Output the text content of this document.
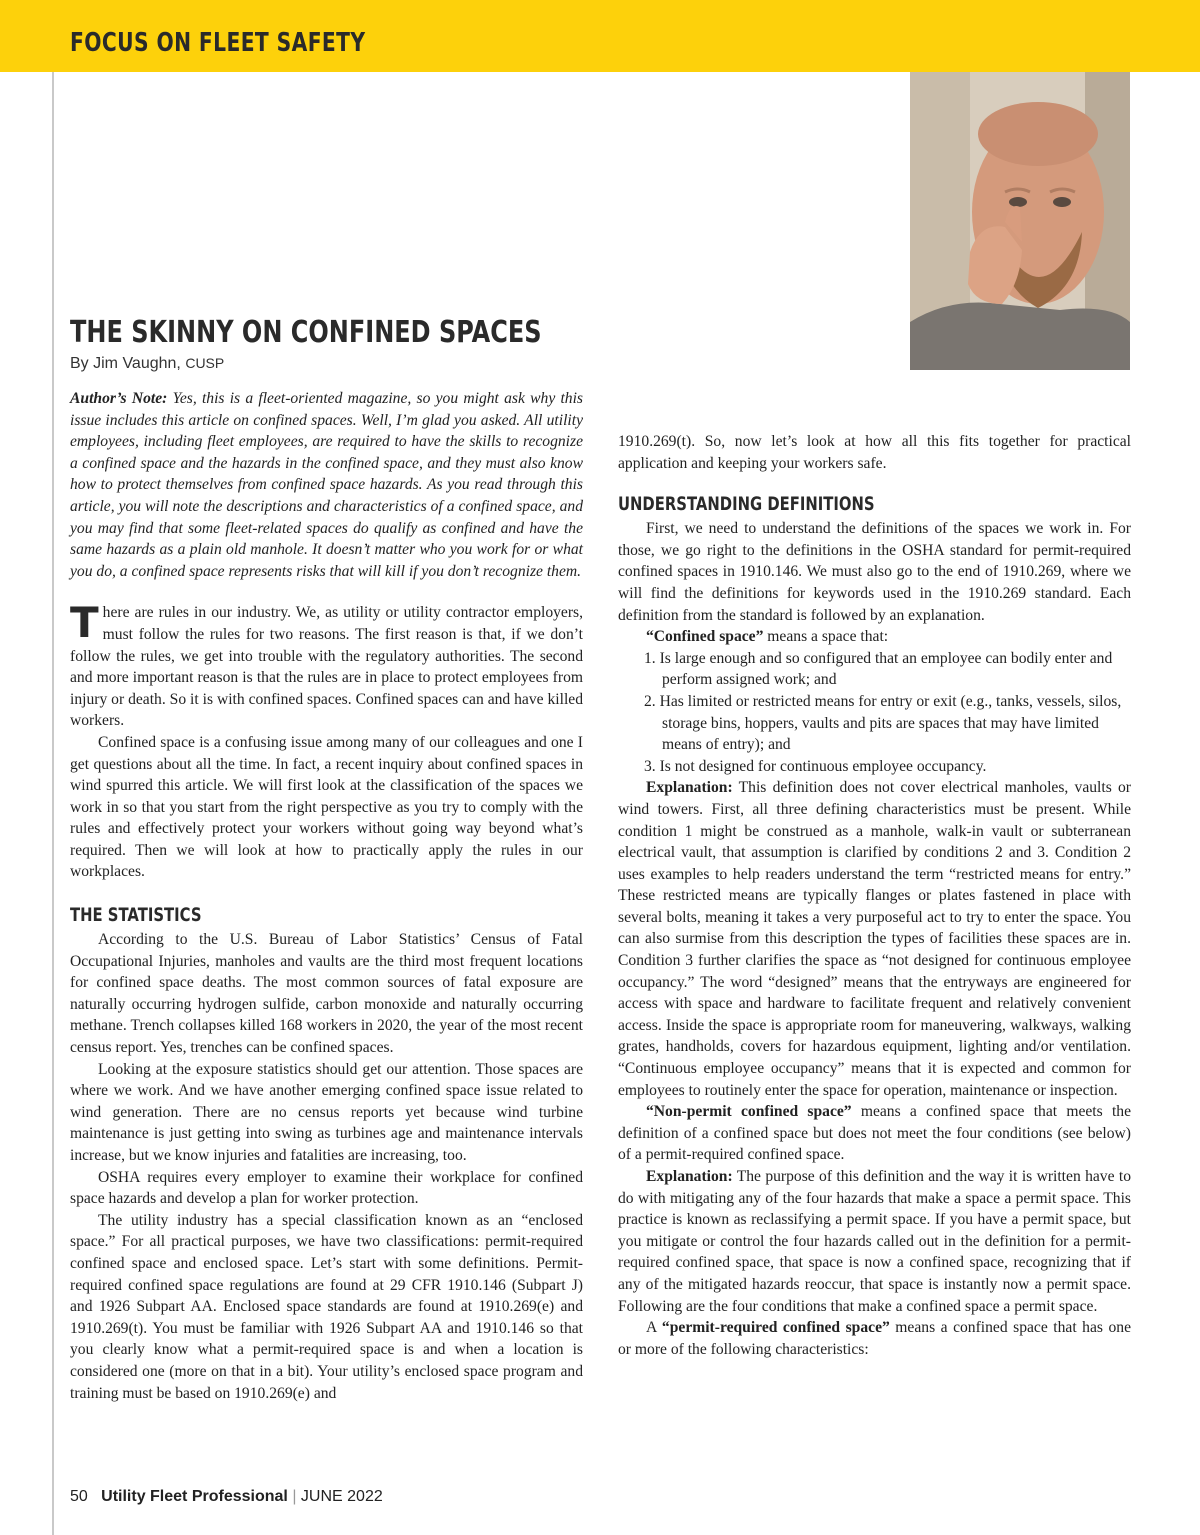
FOCUS ON FLEET SAFETY
THE SKINNY ON CONFINED SPACES
By Jim Vaughn, CUSP

Author’s Note: Yes, this is a fleet-oriented magazine, so you might ask why this issue includes this article on confined spaces. Well, I’m glad you asked. All utility employees, including fleet employees, are required to have the skills to recognize a confined space and the hazards in the confined space, and they must also know how to protect themselves from confined space hazards. As you read through this article, you will note the descriptions and characteristics of a confined space, and you may find that some fleet-related spaces do qualify as confined and have the same hazards as a plain old manhole. It doesn’t matter who you work for or what you do, a confined space represents risks that will kill if you don’t recognize them.

There are rules in our industry. We, as utility or utility contractor employers, must follow the rules for two reasons. The first reason is that, if we don’t follow the rules, we get into trouble with the regulatory authorities. The second and more important reason is that the rules are in place to protect employees from injury or death. So it is with confined spaces. Confined spaces can and have killed workers.

Confined space is a confusing issue among many of our colleagues and one I get questions about all the time. In fact, a recent inquiry about confined spaces in wind spurred this article. We will first look at the classification of the spaces we work in so that you start from the right perspective as you try to comply with the rules and effectively protect your workers without going way beyond what’s required. Then we will look at how to practically apply the rules in our workplaces.

THE STATISTICS

According to the U.S. Bureau of Labor Statistics’ Census of Fatal Occupational Injuries, manholes and vaults are the third most frequent locations for confined space deaths. The most common sources of fatal exposure are naturally occurring hydrogen sulfide, carbon monoxide and naturally occurring methane. Trench collapses killed 168 workers in 2020, the year of the most recent census report. Yes, trenches can be confined spaces.

Looking at the exposure statistics should get our attention. Those spaces are where we work. And we have another emerging confined space issue related to wind generation. There are no census reports yet because wind turbine maintenance is just getting into swing as turbines age and maintenance intervals increase, but we know injuries and fatalities are increasing, too.

OSHA requires every employer to examine their workplace for confined space hazards and develop a plan for worker protection.

The utility industry has a special classification known as an “enclosed space.” For all practical purposes, we have two classifications: permit-required confined space and enclosed space. Let’s start with some definitions. Permit-required confined space regulations are found at 29 CFR 1910.146 (Subpart J) and 1926 Subpart AA. Enclosed space standards are found at 1910.269(e) and 1910.269(t). You must be familiar with 1926 Subpart AA and 1910.146 so that you clearly know what a permit-required space is and when a location is considered one (more on that in a bit). Your utility’s enclosed space program and training must be based on 1910.269(e) and

1910.269(t). So, now let’s look at how all this fits together for practical application and keeping your workers safe.

UNDERSTANDING DEFINITIONS

First, we need to understand the definitions of the spaces we work in. For those, we go right to the definitions in the OSHA standard for permit-required confined spaces in 1910.146. We must also go to the end of 1910.269, where we will find the definitions for keywords used in the 1910.269 standard. Each definition from the standard is followed by an explanation.

“Confined space” means a space that:

1. Is large enough and so configured that an employee can bodily enter and perform assigned work; and

2. Has limited or restricted means for entry or exit (e.g., tanks, vessels, silos, storage bins, hoppers, vaults and pits are spaces that may have limited means of entry); and

3. Is not designed for continuous employee occupancy.

Explanation: This definition does not cover electrical manholes, vaults or wind towers. First, all three defining characteristics must be present. While condition 1 might be construed as a manhole, walk-in vault or subterranean electrical vault, that assumption is clarified by conditions 2 and 3. Condition 2 uses examples to help readers understand the term “restricted means for entry.” These restricted means are typically flanges or plates fastened in place with several bolts, meaning it takes a very purposeful act to try to enter the space. You can also surmise from this description the types of facilities these spaces are in. Condition 3 further clarifies the space as “not designed for continuous employee occupancy.” The word “designed” means that the entryways are engineered for access with space and hardware to facilitate frequent and relatively convenient access. Inside the space is appropriate room for maneuvering, walkways, walking grates, handholds, covers for hazardous equipment, lighting and/or ventilation. “Continuous employee occupancy” means that it is expected and common for employees to routinely enter the space for operation, maintenance or inspection.

“Non-permit confined space” means a confined space that meets the definition of a confined space but does not meet the four conditions (see below) of a permit-required confined space.

Explanation: The purpose of this definition and the way it is written have to do with mitigating any of the four hazards that make a space a permit space. This practice is known as reclassifying a permit space. If you have a permit space, but you mitigate or control the four hazards called out in the definition for a permit-required confined space, that space is now a confined space, recognizing that if any of the mitigated hazards reoccur, that space is instantly now a permit space. Following are the four conditions that make a confined space a permit space.

A “permit-required confined space” means a confined space that has one or more of the following characteristics:

50 Utility Fleet Professional | JUNE 2022
